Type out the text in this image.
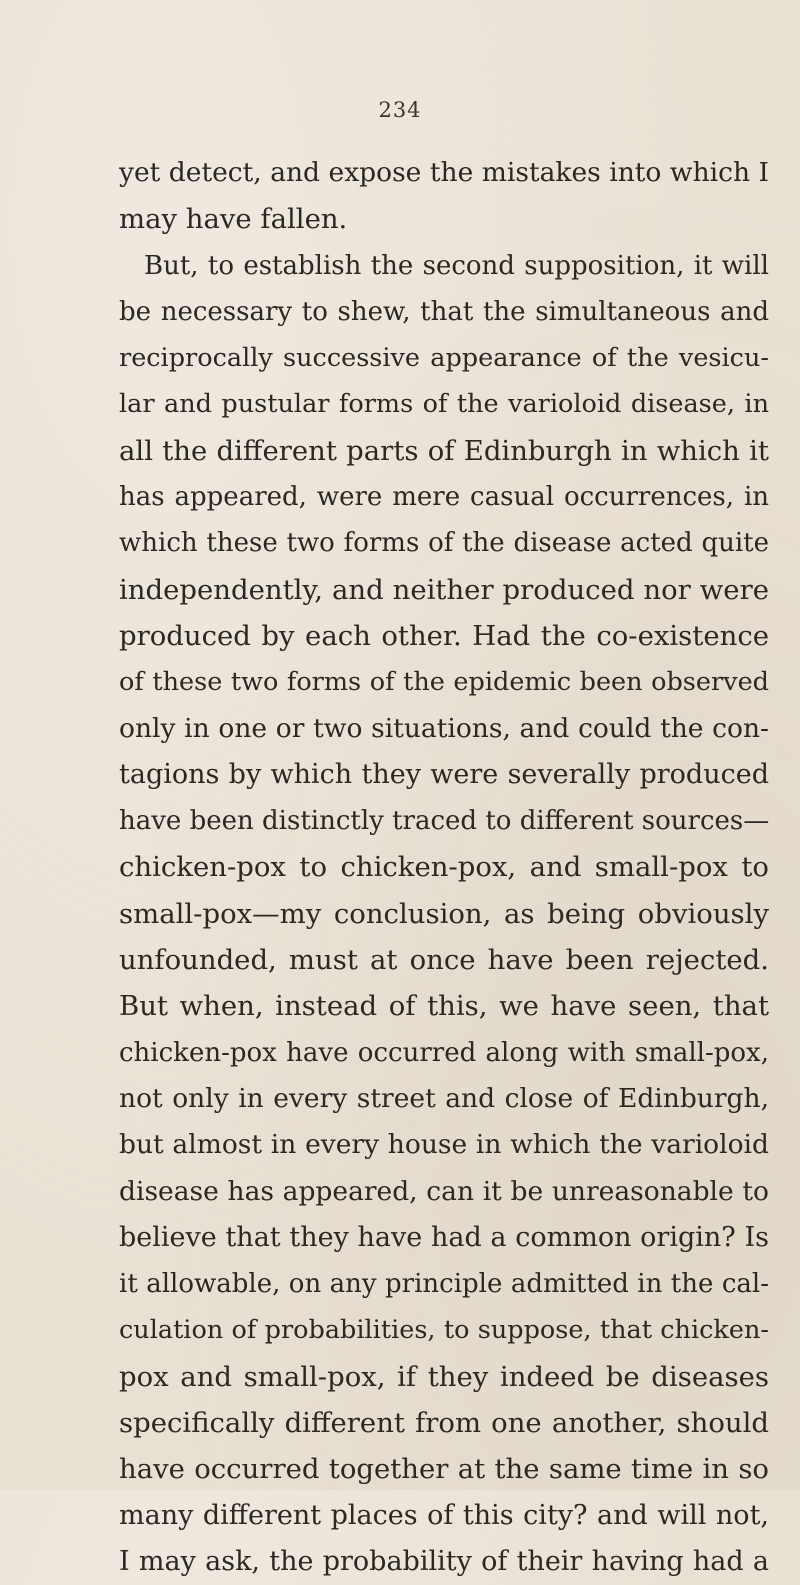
234
yet detect, and expose the mistakes into which I
may have fallen.
But, to establish the second supposition, it will
be necessary to shew, that the simultaneous and
reciprocally successive appearance of the vesicu-
lar and pustular forms of the varioloid disease, in
all the different parts of Edinburgh in which it
has appeared, were mere casual occurrences, in
which these two forms of the disease acted quite
independently, and neither produced nor were
produced by each other. Had the co-existence
of these two forms of the epidemic been observed
only in one or two situations, and could the con-
tagions by which they were severally produced
have been distinctly traced to different sources—
chicken-pox to chicken-pox, and small-pox to
small-pox—my conclusion, as being obviously
unfounded, must at once have been rejected.
But when, instead of this, we have seen, that
chicken-pox have occurred along with small-pox,
not only in every street and close of Edinburgh,
but almost in every house in which the varioloid
disease has appeared, can it be unreasonable to
believe that they have had a common origin? Is
it allowable, on any principle admitted in the cal-
culation of probabilities, to suppose, that chicken-
pox and small-pox, if they indeed be diseases
specifically different from one another, should
have occurred together at the same time in so
many different places of this city? and will not,
I may ask, the probability of their having had a
